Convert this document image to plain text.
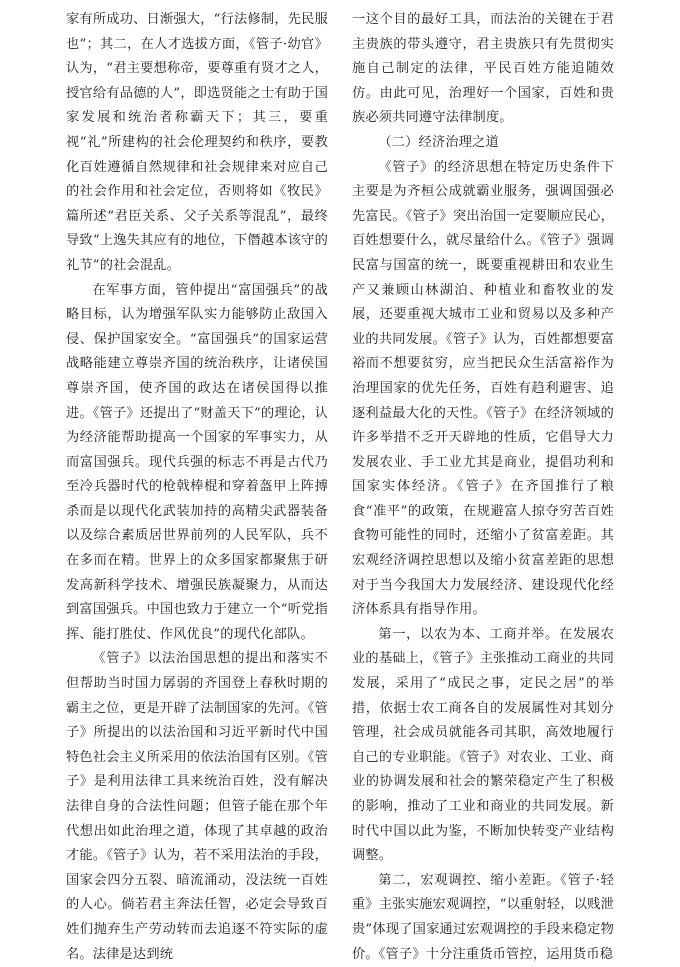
家有所成功、日渐强大，“行法修制，先民服也”；其二，在人才选拔方面，《管子·幼官》认为，“君主要想称帝，要尊重有贤才之人，授官给有品德的人”，即选贤能之士有助于国家发展和统治者称霸天下；其三，要重视“礼”所建构的社会伦理契约和秩序，要教化百姓遵循自然规律和社会规律来对应自己的社会作用和社会定位，否则将如《牧民》篇所述“君臣关系、父子关系等混乱”，最终导致“上逸失其应有的地位，下僭越本该守的礼节”的社会混乱。

在军事方面，管仲提出“富国强兵”的战略目标，认为增强军队实力能够防止敌国入侵、保护国家安全。“富国强兵”的国家运营战略能建立尊崇齐国的统治秩序，让诸侯国尊崇齐国，使齐国的政达在诸侯国得以推进。《管子》还提出了“财盖天下”的理论，认为经济能帮助提高一个国家的军事实力，从而富国强兵。现代兵强的标志不再是古代乃至冷兵器时代的枪戟棒棍和穿着盔甲上阵搏杀而是以现代化武装加持的高精尖武器装备以及综合素质居世界前列的人民军队，兵不在多而在精。世界上的众多国家都聚焦于研发高新科学技术、增强民族凝聚力，从而达到富国强兵。中国也致力于建立一个“听党指挥、能打胜仗、作风优良”的现代化部队。

《管子》以法治国思想的提出和落实不但帮助当时国力孱弱的齐国登上春秋时期的霸主之位，更是开辟了法制国家的先河。《管子》所提出的以法治国和习近平新时代中国特色社会主义所采用的依法治国有区别。《管子》是利用法律工具来统治百姓，没有解决法律自身的合法性问题；但管子能在那个年代想出如此治理之道，体现了其卓越的政治才能。《管子》认为，若不采用法治的手段，国家会四分五裂、暗流涌动，没法统一百姓的人心。倘若君主奔法任智，必定会导致百姓们抛弃生产劳动转而去追逐不符实际的虚名。法律是达到统

一这个目的最好工具，而法治的关键在于君主贵族的带头遵守，君主贵族只有先贯彻实施自己制定的法律，平民百姓方能追随效仿。由此可见，治理好一个国家，百姓和贵族必须共同遵守法律制度。

（二）经济治理之道

《管子》的经济思想在特定历史条件下主要是为齐桓公成就霸业服务，强调国强必先富民。《管子》突出治国一定要顺应民心，百姓想要什么，就尽量给什么。《管子》强调民富与国富的统一，既要重视耕田和农业生产又兼顾山林湖泊、种植业和畜牧业的发展，还要重视大城市工业和贸易以及多种产业的共同发展。《管子》认为，百姓都想要富裕而不想要贫穷，应当把民众生活富裕作为治理国家的优先任务，百姓有趋利避害、追逐利益最大化的天性。《管子》在经济领域的许多举措不乏开天辟地的性质，它倡导大力发展农业、手工业尤其是商业，提倡功利和国家实体经济。《管子》在齐国推行了粮食“准平”的政策，在规避富人掠夺穷苦百姓食物可能性的同时，还缩小了贫富差距。其宏观经济调控思想以及缩小贫富差距的思想对于当今我国大力发展经济、建设现代化经济体系具有指导作用。

第一，以农为本、工商并举。在发展农业的基础上，《管子》主张推动工商业的共同发展，采用了“成民之事，定民之居”的举措，依据士农工商各自的发展属性对其划分管理，社会成员就能各司其职，高效地履行自己的专业职能。《管子》对农业、工业、商业的协调发展和社会的繁荣稳定产生了积极的影响，推动了工业和商业的共同发展。新时代中国以此为鉴，不断加快转变产业结构调整。

第二，宏观调控、缩小差距。《管子·轻重》主张实施宏观调控，“以重射轻，以贱泄贵”体现了国家通过宏观调控的手段来稳定物价。《管子》十分注重货币管控，运用货币稳
